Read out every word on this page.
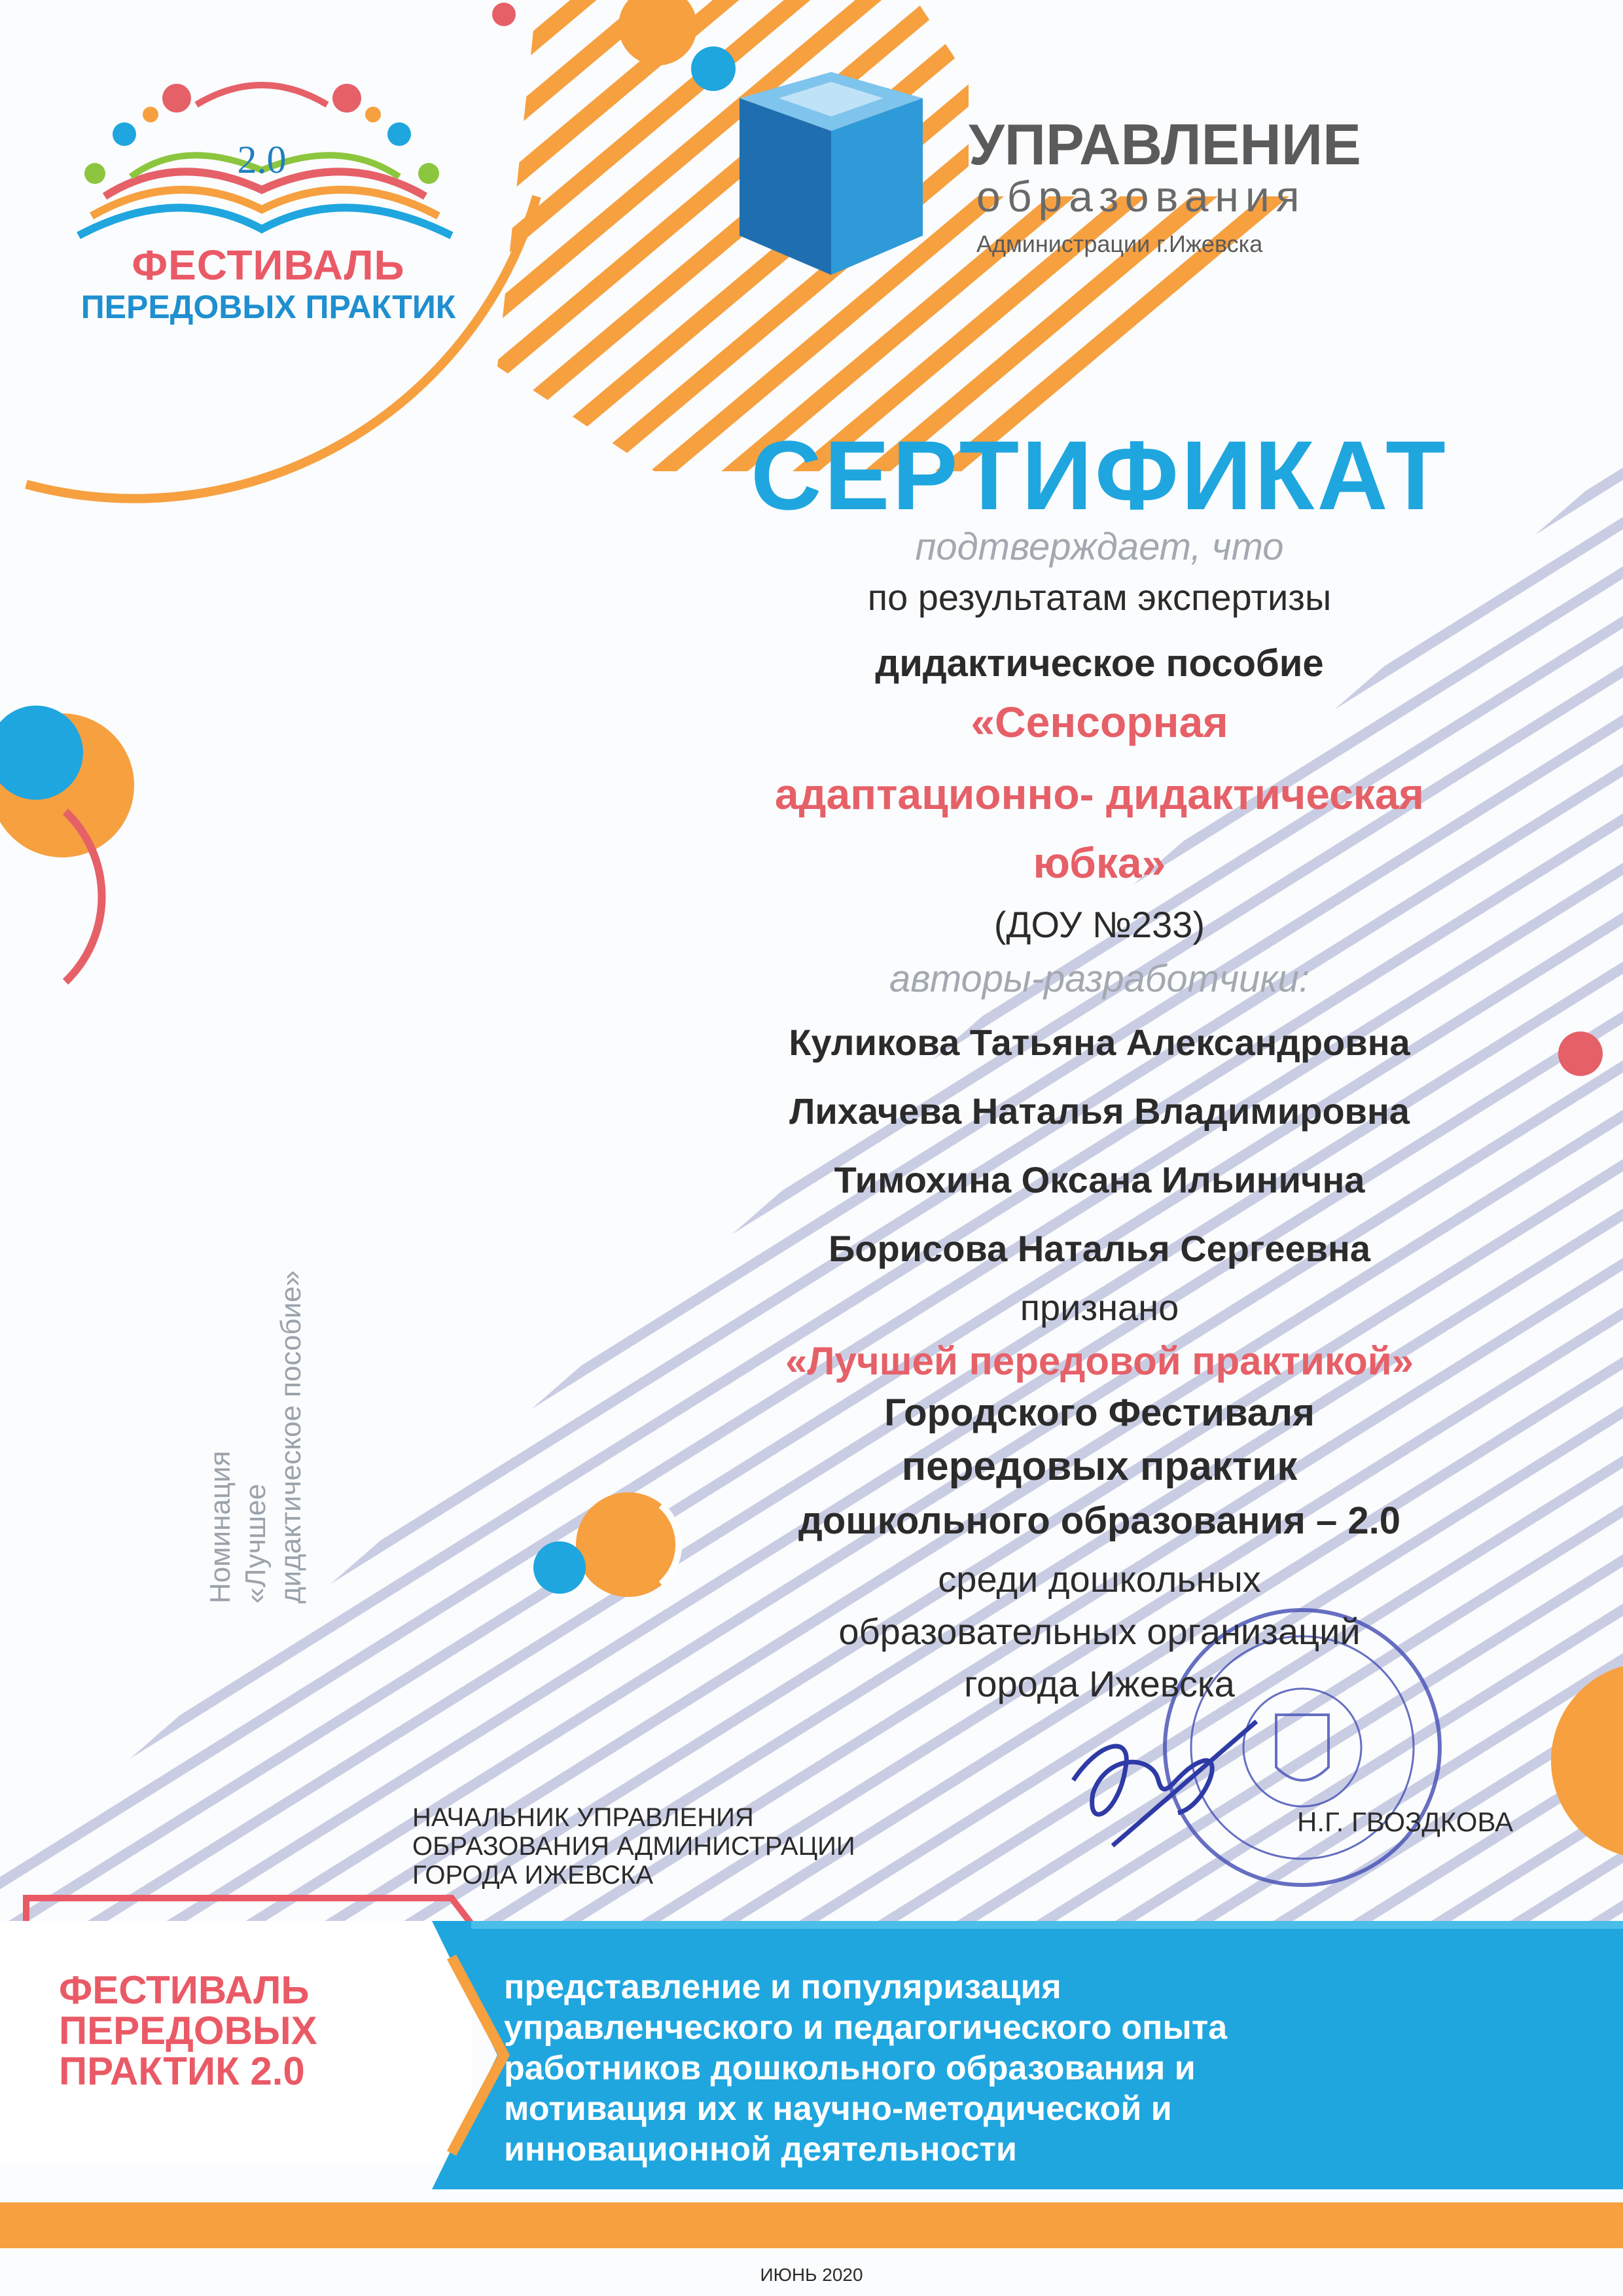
2.0
ФЕСТИВАЛЬ
ПЕРЕДОВЫХ ПРАКТИК
УПРАВЛЕНИЕ
образования
Администрации г.Ижевска
СЕРТИФИКАТ
подтверждает, что
по результатам экспертизы
дидактическое пособие
«Сенсорная
адаптационно- дидактическая
юбка»
(ДОУ №233)
авторы-разработчики:
Куликова Татьяна Александровна
Лихачева Наталья Владимировна
Тимохина Оксана Ильинична
Борисова Наталья Сергеевна
признано
«Лучшей передовой практикой»
Городского Фестиваля
передовых практик
дошкольного образования – 2.0
среди дошкольных
образовательных организаций
города Ижевска
Номинация «Лучшее дидактическое пособие»
НАЧАЛЬНИК УПРАВЛЕНИЯ
ОБРАЗОВАНИЯ АДМИНИСТРАЦИИ
ГОРОДА ИЖЕВСКА
Н.Г. ГВОЗДКОВА
ФЕСТИВАЛЬ
ПЕРЕДОВЫХ
ПРАКТИК 2.0
представление и популяризация
управленческого и педагогического опыта
работников дошкольного образования и
мотивация их к научно-методической и
инновационной деятельности
ИЮНЬ 2020
